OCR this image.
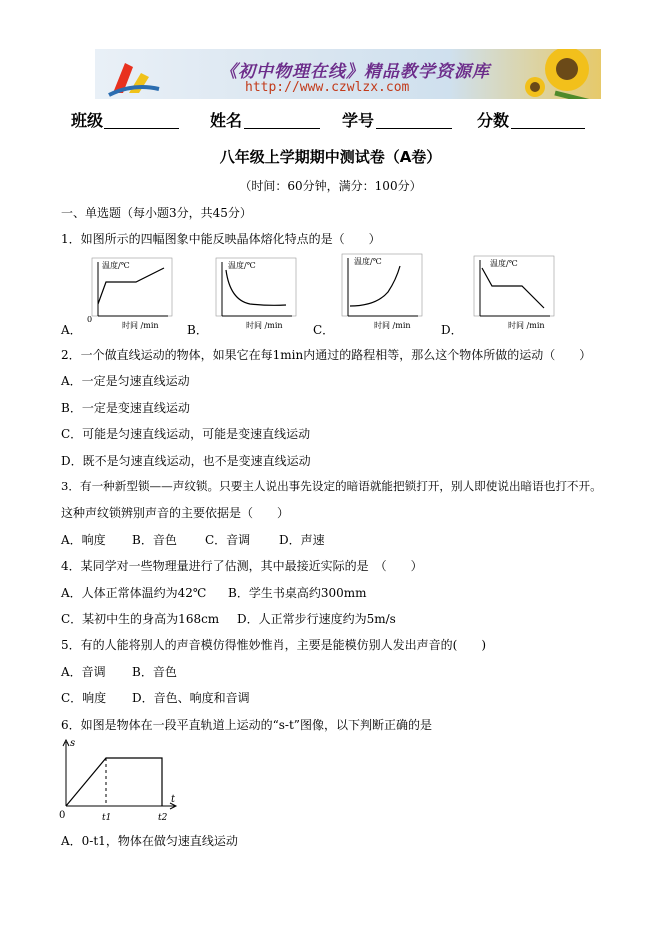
《初中物理在线》精品教学资源库
http://www.czwlzx.com
班级	姓名	学号	分数
八年级上学期期中测试卷（A卷）
（时间：60分钟，满分：100分）
一、单选题（每小题3分，共45分）
1．如图所示的四幅图象中能反映晶体熔化特点的是（　　）
温度/℃
0
时间 /min
A．
温度/℃
时间 /min
B．
温度/℃
时间 /min
C．
温度/℃
时间 /min
D．
2．一个做直线运动的物体，如果它在每1min内通过的路程相等，那么这个物体所做的运动（　　）
A．一定是匀速直线运动
B．一定是变速直线运动
C．可能是匀速直线运动，可能是变速直线运动
D．既不是匀速直线运动，也不是变速直线运动
3．有一种新型锁——声纹锁。只要主人说出事先设定的暗语就能把锁打开，别人即使说出暗语也打不开。
这种声纹锁辨别声音的主要依据是（　　）
A．响度 B．音色 C．音调 D．声速
4．某同学对一些物理量进行了估测，其中最接近实际的是　（　　）
A．人体正常体温约为42℃ B．学生书桌高约300mm
C．某初中生的身高为168cm D．人正常步行速度约为5m/s
5．有的人能将别人的声音模仿得惟妙惟肖，主要是能模仿别人发出声音的(　　)
A．音调 B．音色
C．响度 D．音色、响度和音调
6．如图是物体在一段平直轨道上运动的“s-t”图像，以下判断正确的是
s
t
0	t1	t2
A．0-t1，物体在做匀速直线运动
